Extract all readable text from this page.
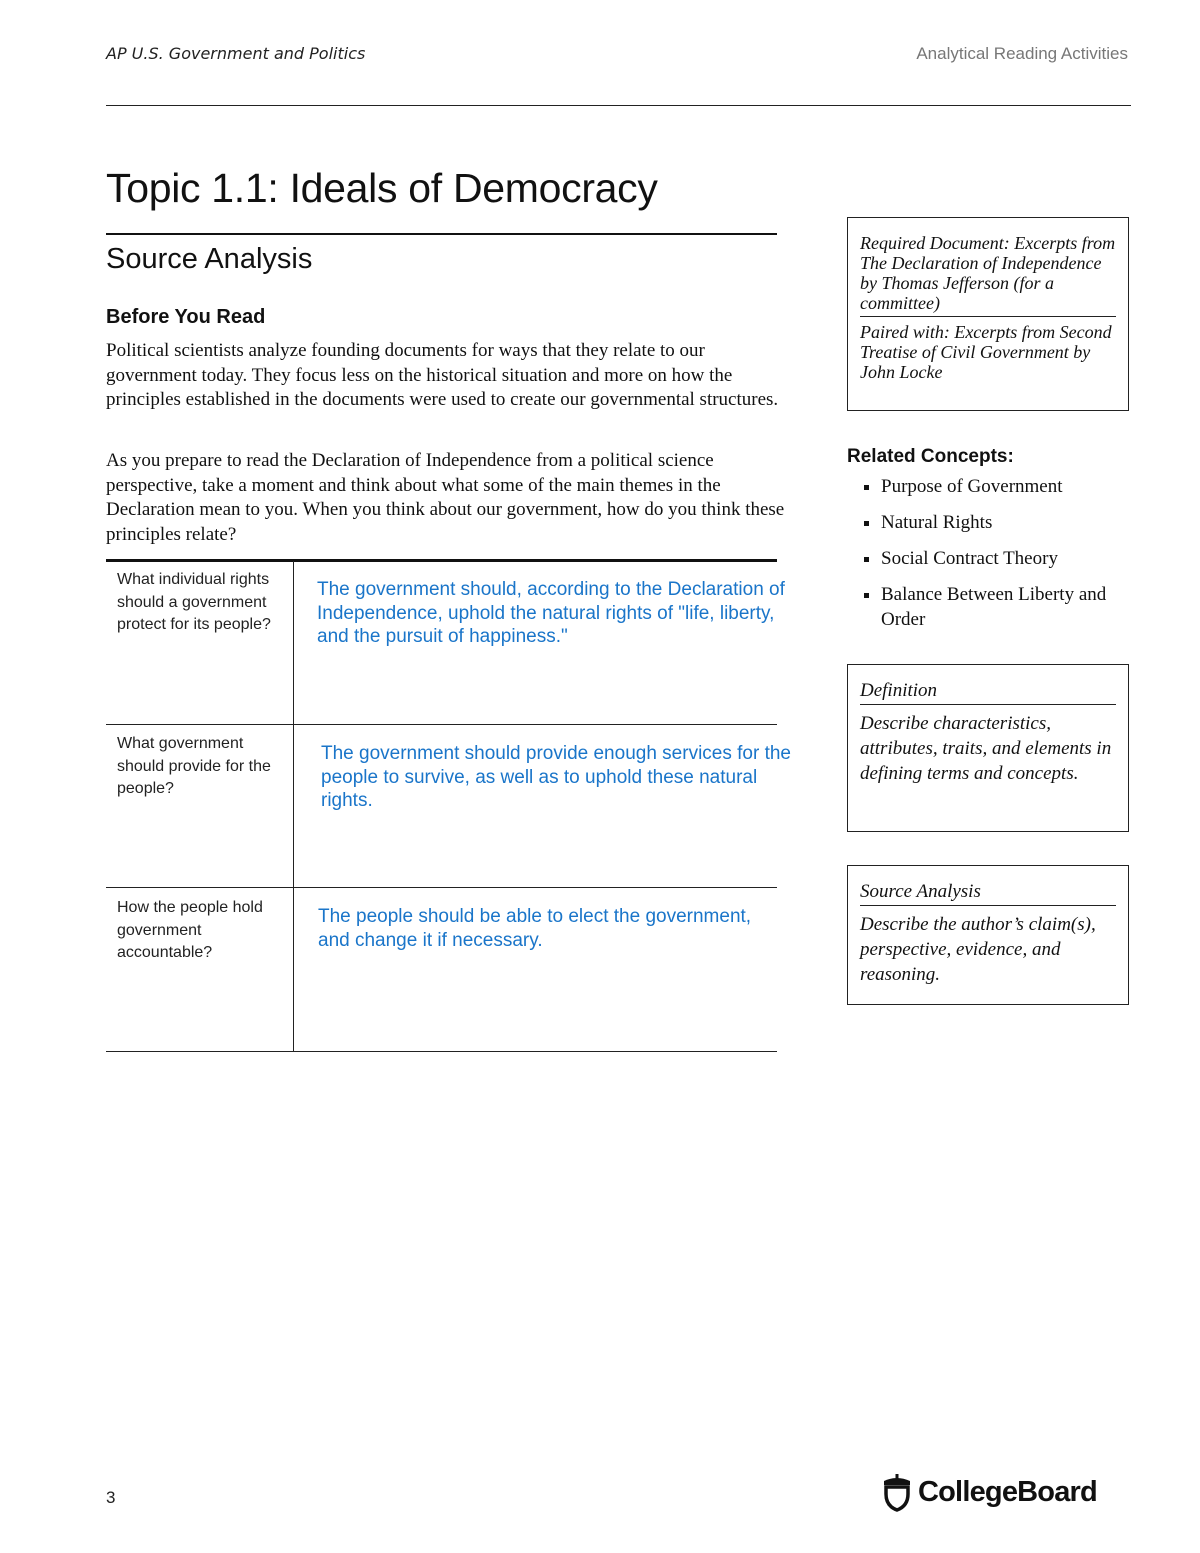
AP U.S. Government and Politics	Analytical Reading Activities
Topic 1.1: Ideals of Democracy
Source Analysis
Before You Read
Political scientists analyze founding documents for ways that they relate to our government today. They focus less on the historical situation and more on how the principles established in the documents were used to create our governmental structures.
As you prepare to read the Declaration of Independence from a political science perspective, take a moment and think about what some of the main themes in the Declaration mean to you. When you think about our government, how do you think these principles relate?
What individual rights should a government protect for its people?
The government should, according to the Declaration of Independence, uphold the natural rights of "life, liberty, and the pursuit of happiness."
What government should provide for the people?
The government should provide enough services for the people to survive, as well as to uphold these natural rights.
How the people hold government accountable?
The people should be able to elect the government, and change it if necessary.
Required Document: Excerpts from The Declaration of Independence by Thomas Jefferson (for a committee)
Paired with: Excerpts from Second Treatise of Civil Government by John Locke
Related Concepts:
Purpose of Government
Natural Rights
Social Contract Theory
Balance Between Liberty and Order
Definition
Describe characteristics, attributes, traits, and elements in defining terms and concepts.
Source Analysis
Describe the author’s claim(s), perspective, evidence, and reasoning.
3	CollegeBoard
